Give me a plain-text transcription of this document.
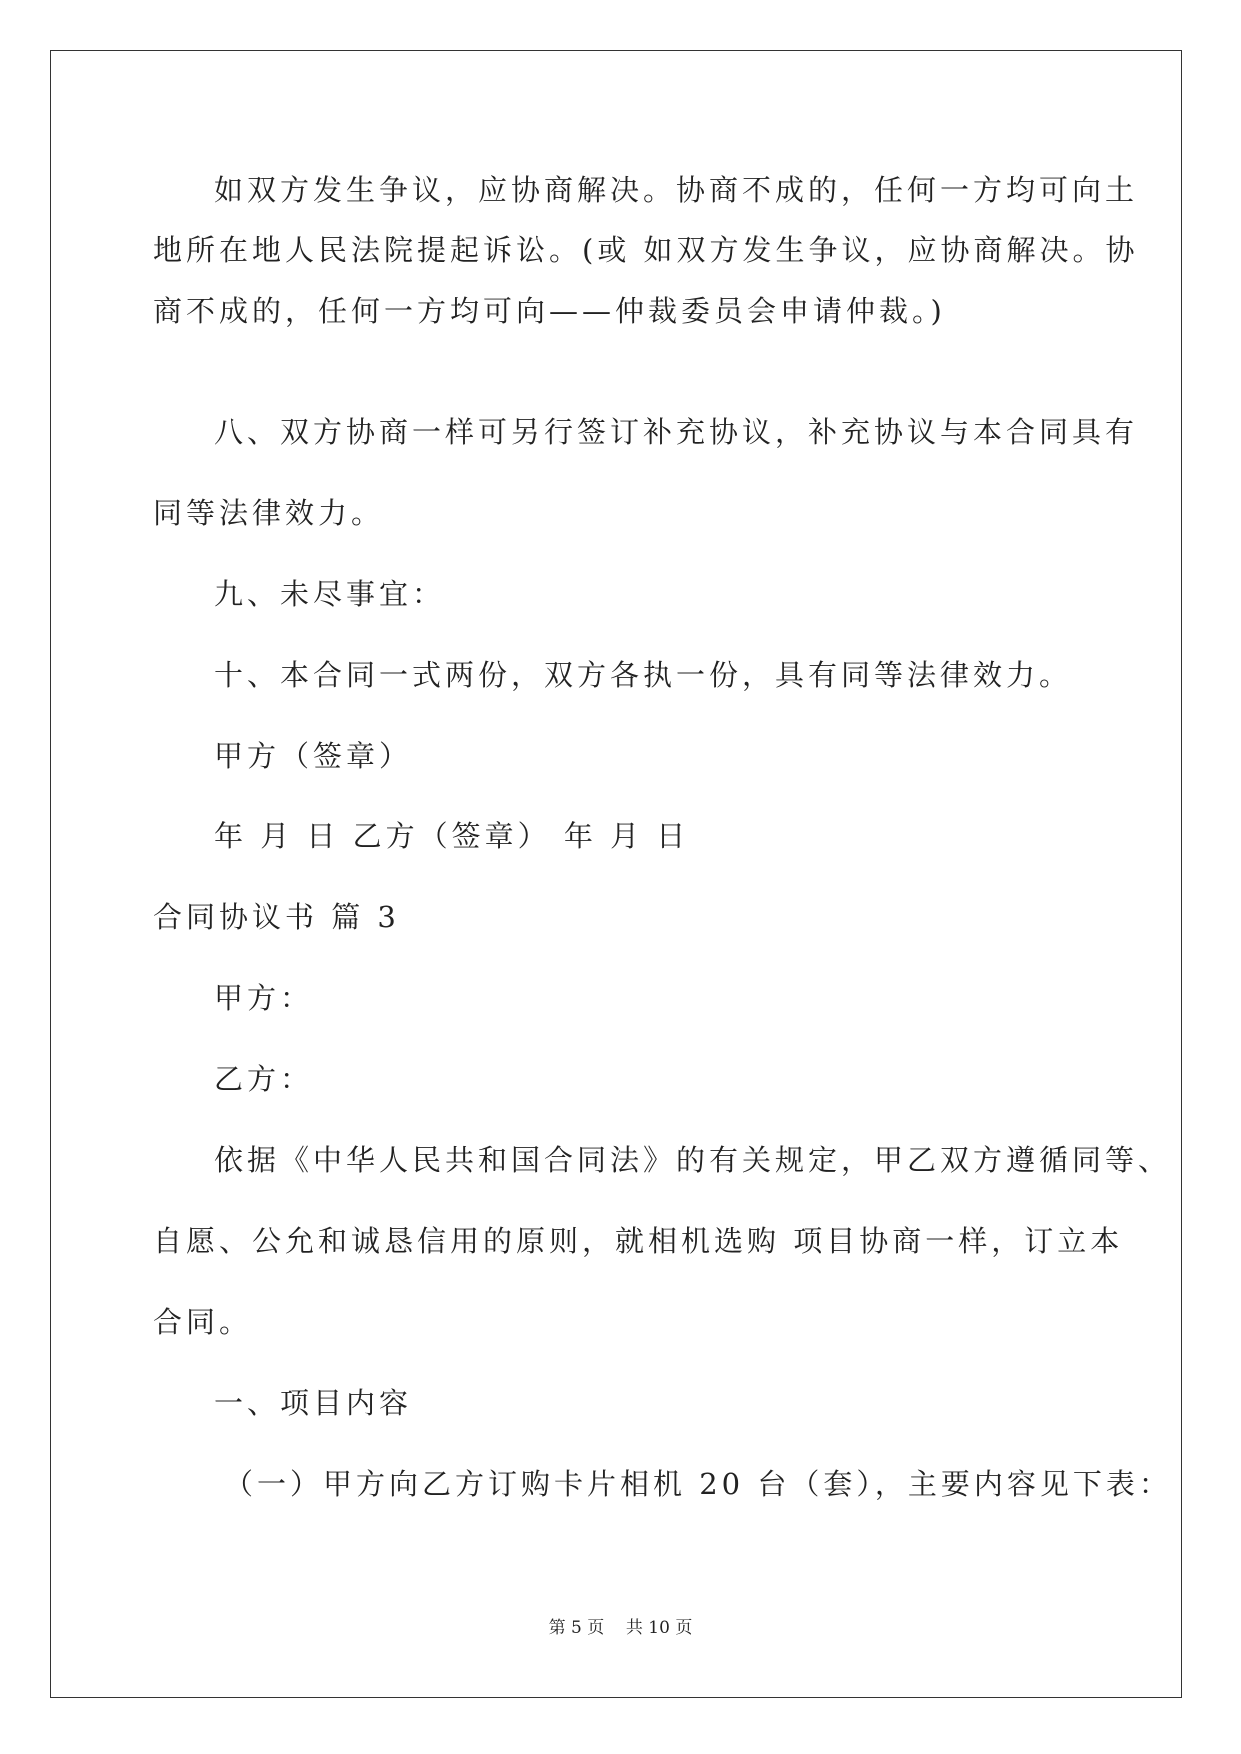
如双方发生争议，应协商解决。协商不成的，任何一方均可向土
地所在地人民法院提起诉讼。(或 如双方发生争议，应协商解决。协
商不成的，任何一方均可向——仲裁委员会申请仲裁。)
八、双方协商一样可另行签订补充协议，补充协议与本合同具有
同等法律效力。
九、未尽事宜：
十、本合同一式两份，双方各执一份，具有同等法律效力。
甲方（签章）
年 月 日 乙方（签章） 年 月 日
合同协议书 篇 3
甲方：
乙方：
依据《中华人民共和国合同法》的有关规定，甲乙双方遵循同等、
自愿、公允和诚恳信用的原则，就相机选购 项目协商一样，订立本
合同。
一、项目内容
（一）甲方向乙方订购卡片相机 20 台（套），主要内容见下表：
第 5 页    共 10 页
